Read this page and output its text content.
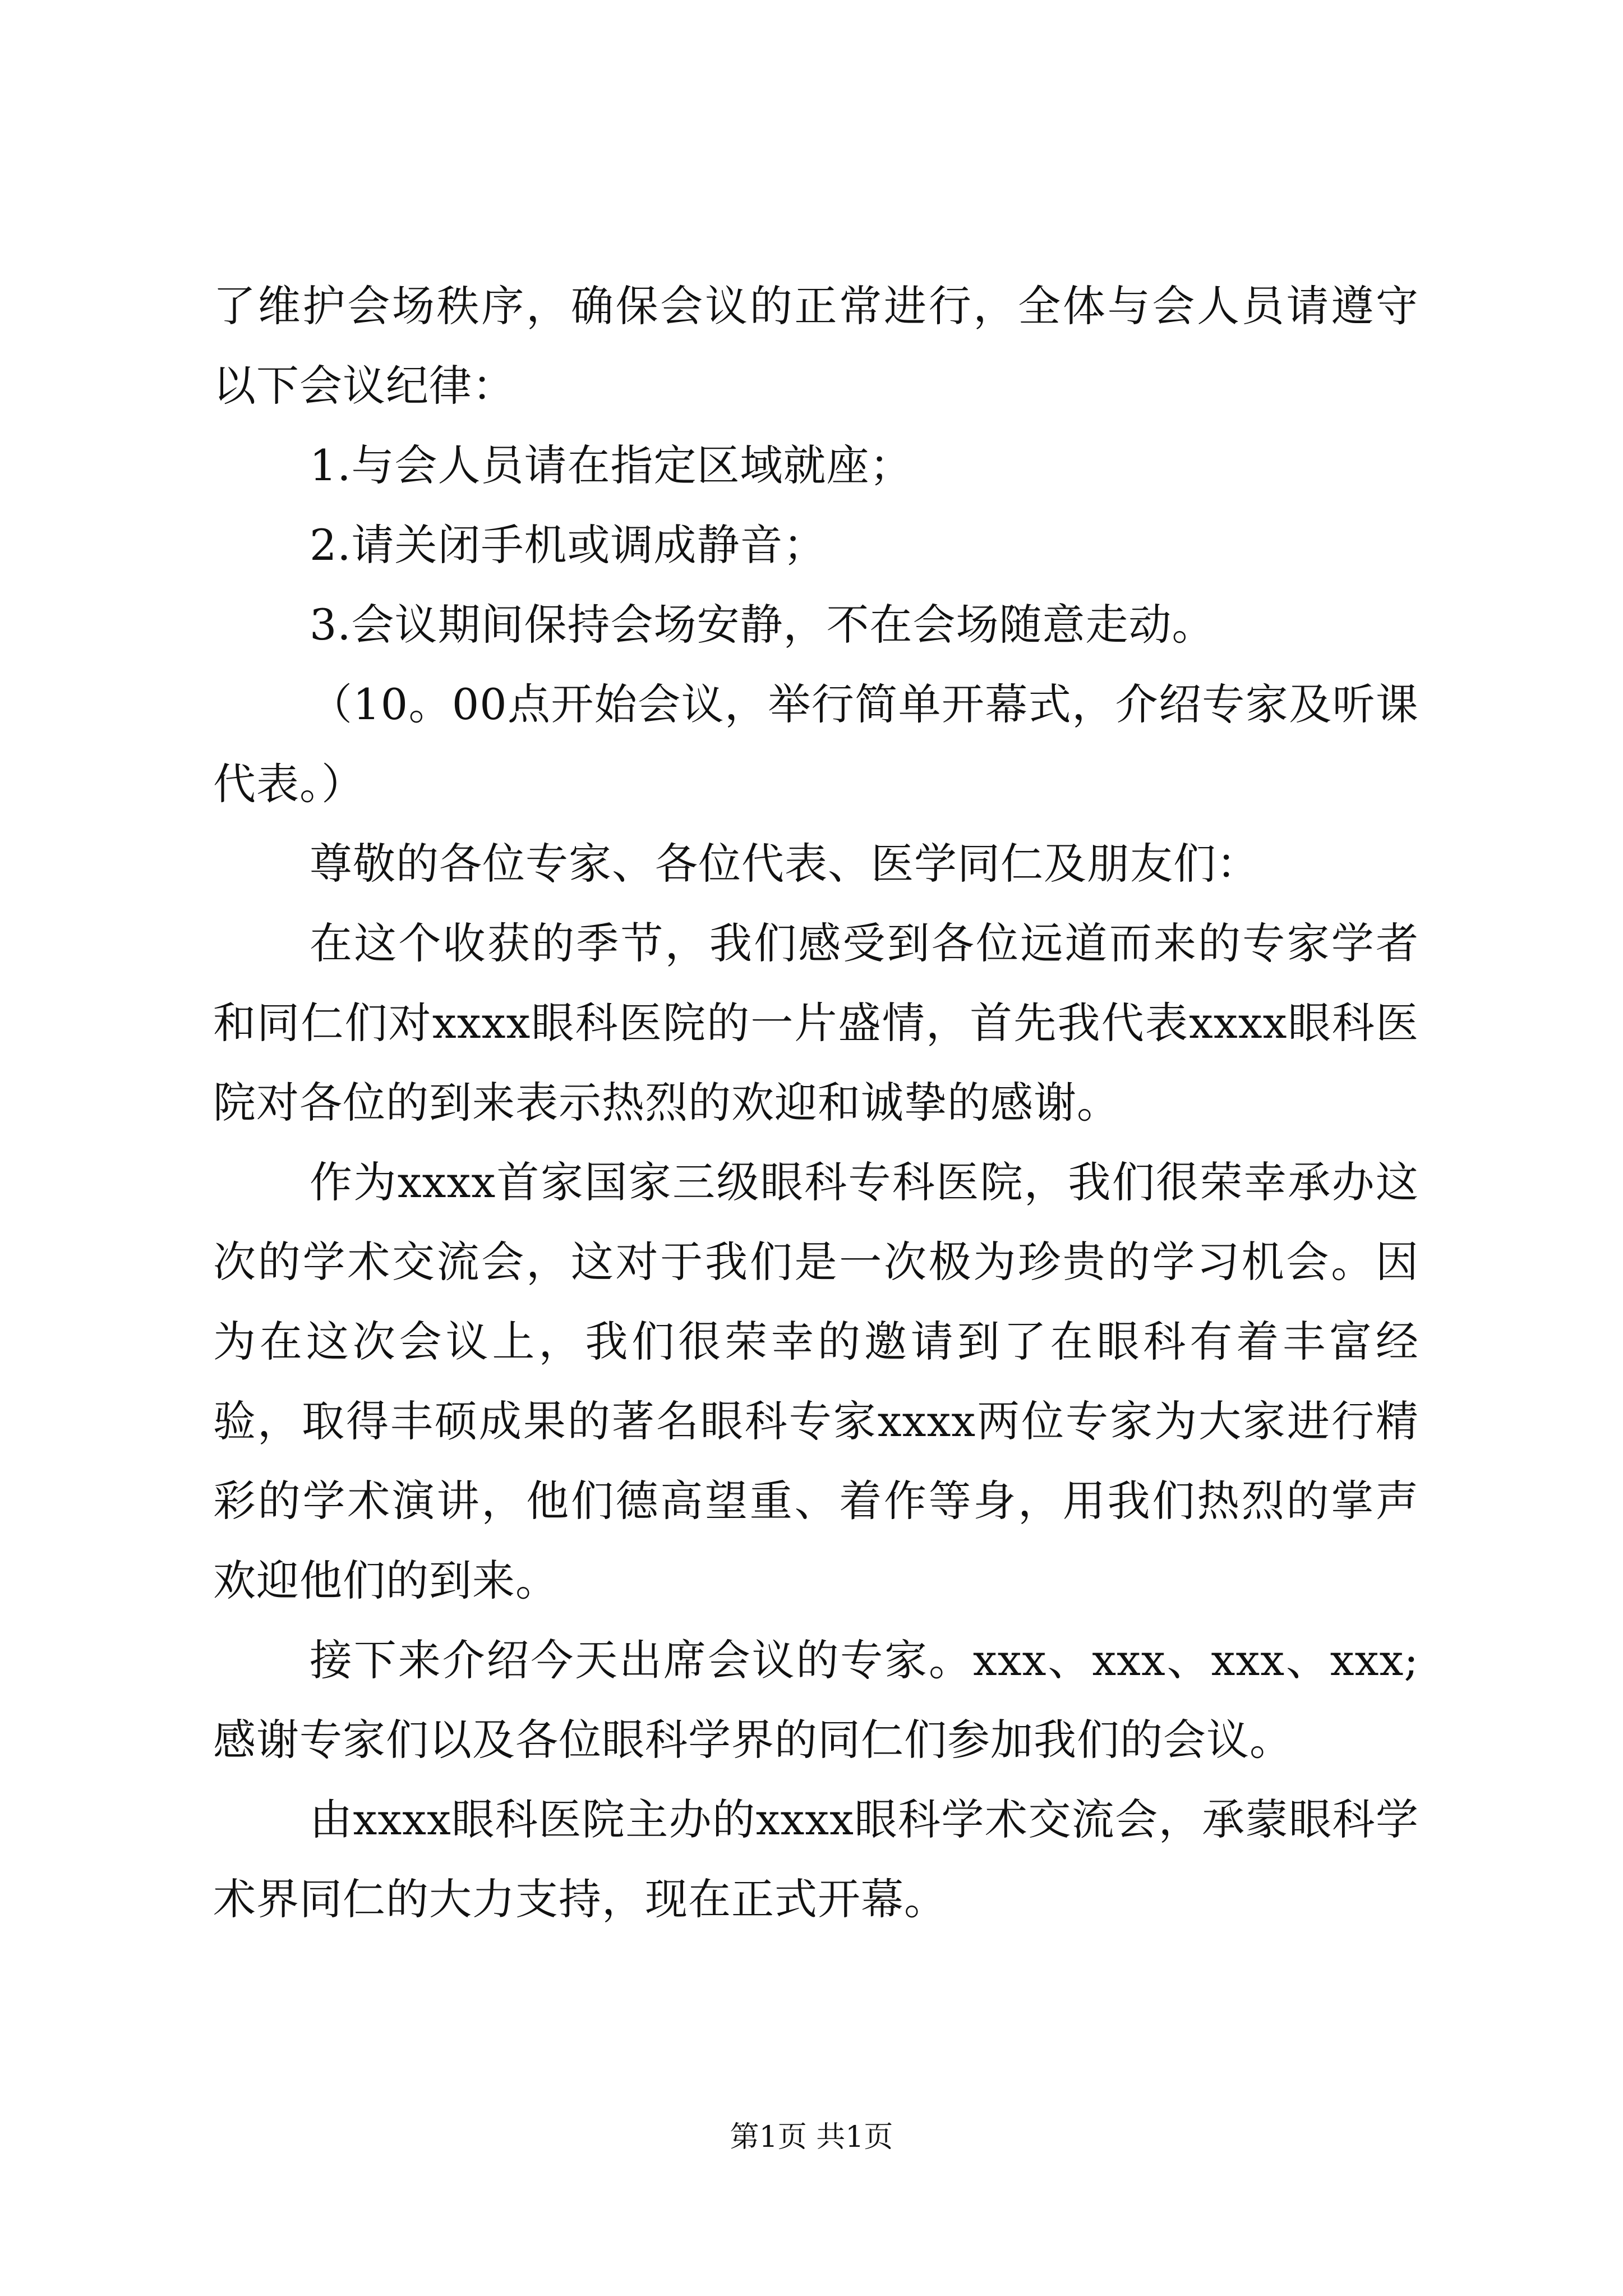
了维护会场秩序，确保会议的正常进行，全体与会人员请遵守以下会议纪律：

1.与会人员请在指定区域就座；

2.请关闭手机或调成静音；

3.会议期间保持会场安静，不在会场随意走动。

（10。00点开始会议，举行简单开幕式，介绍专家及听课代表。）

尊敬的各位专家、各位代表、医学同仁及朋友们：

在这个收获的季节，我们感受到各位远道而来的专家学者和同仁们对xxxx眼科医院的一片盛情，首先我代表xxxx眼科医院对各位的到来表示热烈的欢迎和诚挚的感谢。

作为xxxx首家国家三级眼科专科医院，我们很荣幸承办这次的学术交流会，这对于我们是一次极为珍贵的学习机会。因为在这次会议上，我们很荣幸的邀请到了在眼科有着丰富经验，取得丰硕成果的著名眼科专家xxxx两位专家为大家进行精彩的学术演讲，他们德高望重、着作等身，用我们热烈的掌声欢迎他们的到来。

接下来介绍今天出席会议的专家。xxx、xxx、xxx、xxx;感谢专家们以及各位眼科学界的同仁们参加我们的会议。

由xxxx眼科医院主办的xxxx眼科学术交流会，承蒙眼科学术界同仁的大力支持，现在正式开幕。

第1页 共1页
